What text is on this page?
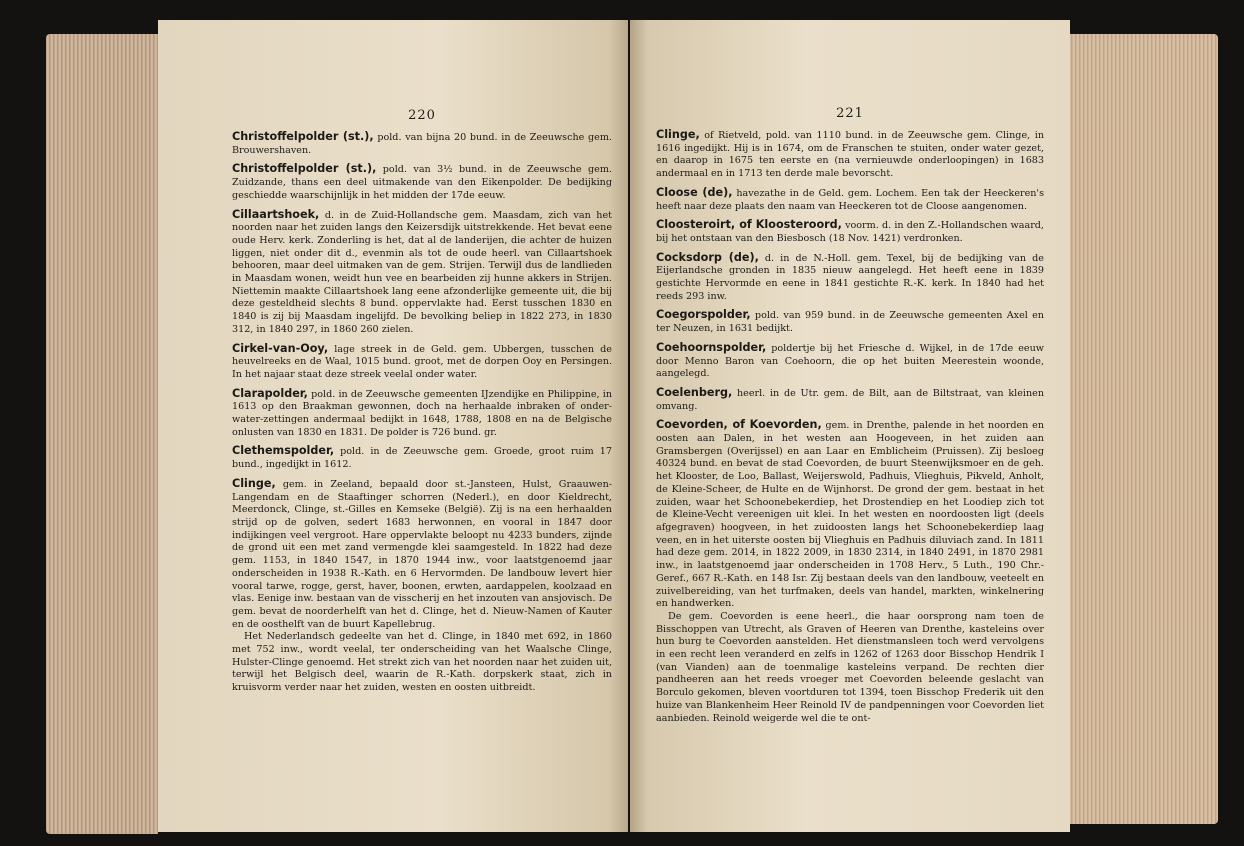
220

Christoffelpolder (st.), pold. van bijna 20 bund. in de Zeeuwsche gem. Brouwershaven.

Christoffelpolder (st.), pold. van 3½ bund. in de Zeeuwsche gem. Zuidzande, thans een deel uitmakende van den Eikenpolder. De bedijking geschiedde waarschijnlijk in het midden der 17de eeuw.

Cillaartshoek, d. in de Zuid-Hollandsche gem. Maasdam, zich van het noorden naar het zuiden langs den Keizersdijk uitstrekkende. Het bevat eene oude Herv. kerk. Zonderling is het, dat al de landerijen, die achter de huizen liggen, niet onder dit d., evenmin als tot de oude heerl. van Cillaartshoek behooren, maar deel uitmaken van de gem. Strijen. Terwijl dus de landlieden in Maasdam wonen, weidt hun vee en bearbeiden zij hunne akkers in Strijen. Niettemin maakte Cillaartshoek lang eene afzonderlijke gemeente uit, die bij deze gesteldheid slechts 8 bund. oppervlakte had. Eerst tusschen 1830 en 1840 is zij bij Maasdam ingelijfd. De bevolking beliep in 1822 273, in 1830 312, in 1840 297, in 1860 260 zielen.

Cirkel-van-Ooy, lage streek in de Geld. gem. Ubbergen, tusschen de heuvelreeks en de Waal, 1015 bund. groot, met de dorpen Ooy en Persingen. In het najaar staat deze streek veelal onder water.

Clarapolder, pold. in de Zeeuwsche gemeenten IJzendijke en Philippine, in 1613 op den Braakman gewonnen, doch na herhaalde inbraken of onder-water-zettingen andermaal bedijkt in 1648, 1788, 1808 en na de Belgische onlusten van 1830 en 1831. De polder is 726 bund. gr.

Clethemspolder, pold. in de Zeeuwsche gem. Groede, groot ruim 17 bund., ingedijkt in 1612.

Clinge, gem. in Zeeland, bepaald door st.-Jansteen, Hulst, Graauwen-Langendam en de Staaftinger schorren (Nederl.), en door Kieldrecht, Meerdonck, Clinge, st.-Gilles en Kemseke (België). Zij is na een herhaalden strijd op de golven, sedert 1683 herwonnen, en vooral in 1847 door indijkingen veel vergroot. Hare oppervlakte beloopt nu 4233 bunders, zijnde de grond uit een met zand vermengde klei saamgesteld. In 1822 had deze gem. 1153, in 1840 1547, in 1870 1944 inw., voor laatstgenoemd jaar onderscheiden in 1938 R.-Kath. en 6 Hervormden. De landbouw levert hier vooral tarwe, rogge, gerst, haver, boonen, erwten, aardappelen, koolzaad en vlas. Eenige inw. bestaan van de visscherij en het inzouten van ansjovisch. De gem. bevat de noorderhelft van het d. Clinge, het d. Nieuw-Namen of Kauter en de oosthelft van de buurt Kapellebrug.

Het Nederlandsch gedeelte van het d. Clinge, in 1840 met 692, in 1860 met 752 inw., wordt veelal, ter onderscheiding van het Waalsche Clinge, Hulster-Clinge genoemd. Het strekt zich van het noorden naar het zuiden uit, terwijl het Belgisch deel, waarin de R.-Kath. dorpskerk staat, zich in kruisvorm verder naar het zuiden, westen en oosten uitbreidt.

221

Clinge, of Rietveld, pold. van 1110 bund. in de Zeeuwsche gem. Clinge, in 1616 ingedijkt. Hij is in 1674, om de Franschen te stuiten, onder water gezet, en daarop in 1675 ten eerste en (na vernieuwde onderloopingen) in 1683 andermaal en in 1713 ten derde male bevorscht.

Cloose (de), havezathe in de Geld. gem. Lochem. Een tak der Heeckeren's heeft naar deze plaats den naam van Heeckeren tot de Cloose aangenomen.

Cloosteroirt, of Kloosteroord, voorm. d. in den Z.-Hollandschen waard, bij het ontstaan van den Biesbosch (18 Nov. 1421) verdronken.

Cocksdorp (de), d. in de N.-Holl. gem. Texel, bij de bedijking van de Eijerlandsche gronden in 1835 nieuw aangelegd. Het heeft eene in 1839 gestichte Hervormde en eene in 1841 gestichte R.-K. kerk. In 1840 had het reeds 293 inw.

Coegorspolder, pold. van 959 bund. in de Zeeuwsche gemeenten Axel en ter Neuzen, in 1631 bedijkt.

Coehoornspolder, poldertje bij het Friesche d. Wijkel, in de 17de eeuw door Menno Baron van Coehoorn, die op het buiten Meerestein woonde, aangelegd.

Coelenberg, heerl. in de Utr. gem. de Bilt, aan de Biltstraat, van kleinen omvang.

Coevorden, of Koevorden, gem. in Drenthe, palende in het noorden en oosten aan Dalen, in het westen aan Hoogeveen, in het zuiden aan Gramsbergen (Overijssel) en aan Laar en Emblicheim (Pruissen). Zij besloeg 40324 bund. en bevat de stad Coevorden, de buurt Steenwijksmoer en de geh. het Klooster, de Loo, Ballast, Weijerswold, Padhuis, Vlieghuis, Pikveld, Anholt, de Kleine-Scheer, de Hulte en de Wijnhorst. De grond der gem. bestaat in het zuiden, waar het Schoonebekerdiep, het Drostendiep en het Loodiep zich tot de Kleine-Vecht vereenigen uit klei. In het westen en noordoosten ligt (deels afgegraven) hoogveen, in het zuidoosten langs het Schoonebekerdiep laag veen, en in het uiterste oosten bij Vlieghuis en Padhuis diluviach zand. In 1811 had deze gem. 2014, in 1822 2009, in 1830 2314, in 1840 2491, in 1870 2981 inw., in laatstgenoemd jaar onderscheiden in 1708 Herv., 5 Luth., 190 Chr.-Geref., 667 R.-Kath. en 148 Isr. Zij bestaan deels van den landbouw, veeteelt en zuivelbereiding, van het turfmaken, deels van handel, markten, winkelnering en handwerken.

De gem. Coevorden is eene heerl., die haar oorsprong nam toen de Bisschoppen van Utrecht, als Graven of Heeren van Drenthe, kasteleins over hun burg te Coevorden aanstelden. Het dienstmansleen toch werd vervolgens in een recht leen veranderd en zelfs in 1262 of 1263 door Bisschop Hendrik I (van Vianden) aan de toenmalige kasteleins verpand. De rechten dier pandheeren aan het reeds vroeger met Coevorden beleende geslacht van Borculo gekomen, bleven voortduren tot 1394, toen Bisschop Frederik uit den huize van Blankenheim Heer Reinold IV de pandpenningen voor Coevorden liet aanbieden. Reinold weigerde wel die te ont-
